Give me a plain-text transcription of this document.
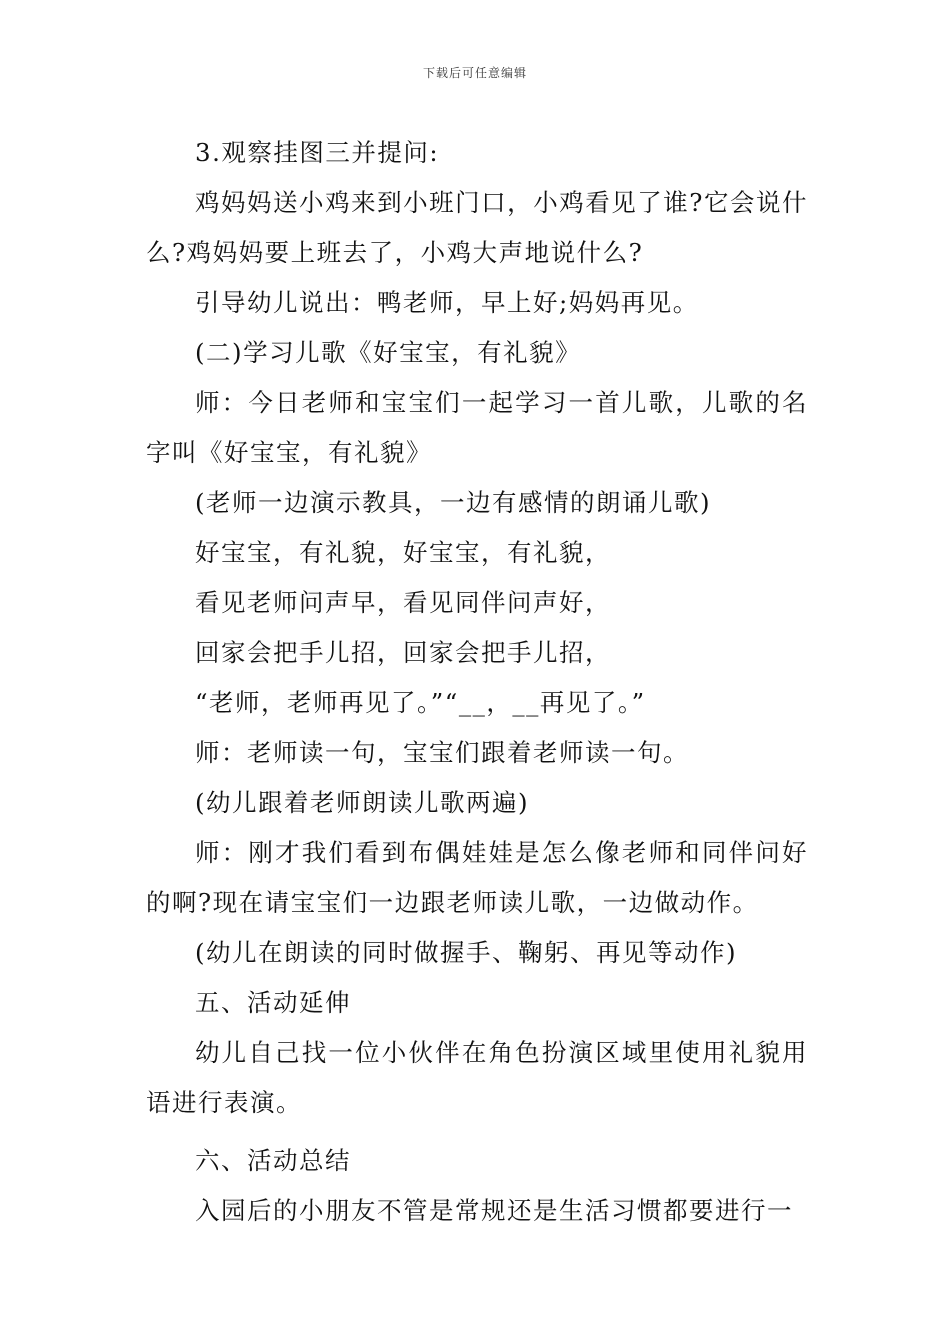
下载后可任意编辑

3.观察挂图三并提问:

鸡妈妈送小鸡来到小班门口，小鸡看见了谁?它会说什么?鸡妈妈要上班去了，小鸡大声地说什么?

引导幼儿说出：鸭老师，早上好;妈妈再见。

(二)学习儿歌《好宝宝，有礼貌》

师：今日老师和宝宝们一起学习一首儿歌，儿歌的名字叫《好宝宝，有礼貌》

(老师一边演示教具，一边有感情的朗诵儿歌)

好宝宝，有礼貌，好宝宝，有礼貌，

看见老师问声早，看见同伴问声好，

回家会把手儿招，回家会把手儿招，

“老师，老师再见了。”“__，__再见了。”

师：老师读一句，宝宝们跟着老师读一句。

(幼儿跟着老师朗读儿歌两遍)

师：刚才我们看到布偶娃娃是怎么像老师和同伴问好的啊?现在请宝宝们一边跟老师读儿歌，一边做动作。

(幼儿在朗读的同时做握手、鞠躬、再见等动作)

五、活动延伸

幼儿自己找一位小伙伴在角色扮演区域里使用礼貌用语进行表演。

六、活动总结

入园后的小朋友不管是常规还是生活习惯都要进行一
